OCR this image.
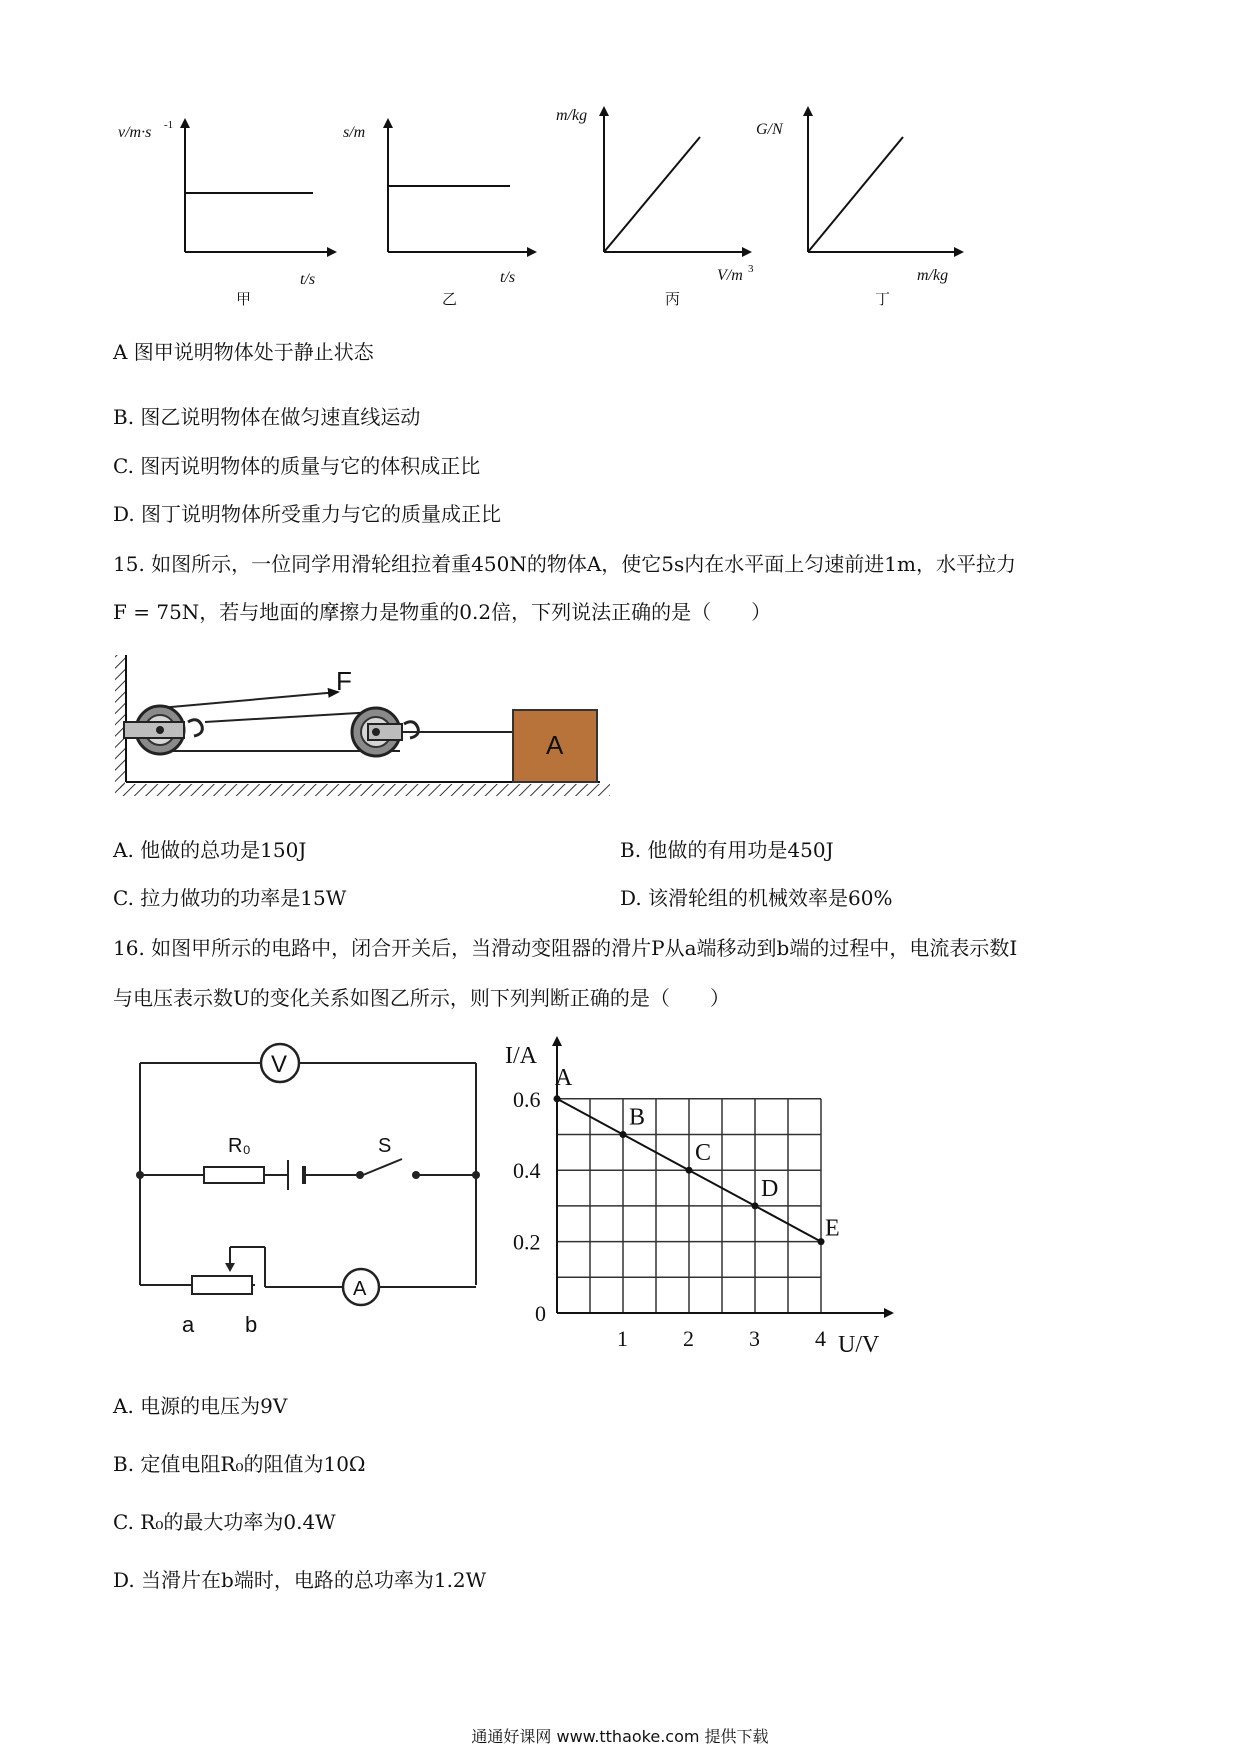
v/m·s -1
t/s
甲
s/m
t/s
乙
m/kg
V/m 3
丙
G/N
m/kg
丁
A 图甲说明物体处于静止状态
B. 图乙说明物体在做匀速直线运动
C. 图丙说明物体的质量与它的体积成正比
D. 图丁说明物体所受重力与它的质量成正比
15. 如图所示，一位同学用滑轮组拉着重450N的物体A，使它5s内在水平面上匀速前进1m，水平拉力
F = 75N，若与地面的摩擦力是物重的0.2倍，下列说法正确的是（　　）
A
F
A. 他做的总功是150J	B. 他做的有用功是450J
C. 拉力做功的功率是15W	D. 该滑轮组的机械效率是60%
16. 如图甲所示的电路中，闭合开关后，当滑动变阻器的滑片P从a端移动到b端的过程中，电流表示数I
与电压表示数U的变化关系如图乙所示，则下列判断正确的是（　　）
V
A
R₀	S
a b	0
1	2	3	4
0.2
0.4
0.6
A
B
C
D
E
U/V
I/A
A. 电源的电压为9V
B. 定值电阻R₀的阻值为10Ω
C. R₀的最大功率为0.4W
D. 当滑片在b端时，电路的总功率为1.2W
通通好课网 www.tthaoke.com 提供下载
